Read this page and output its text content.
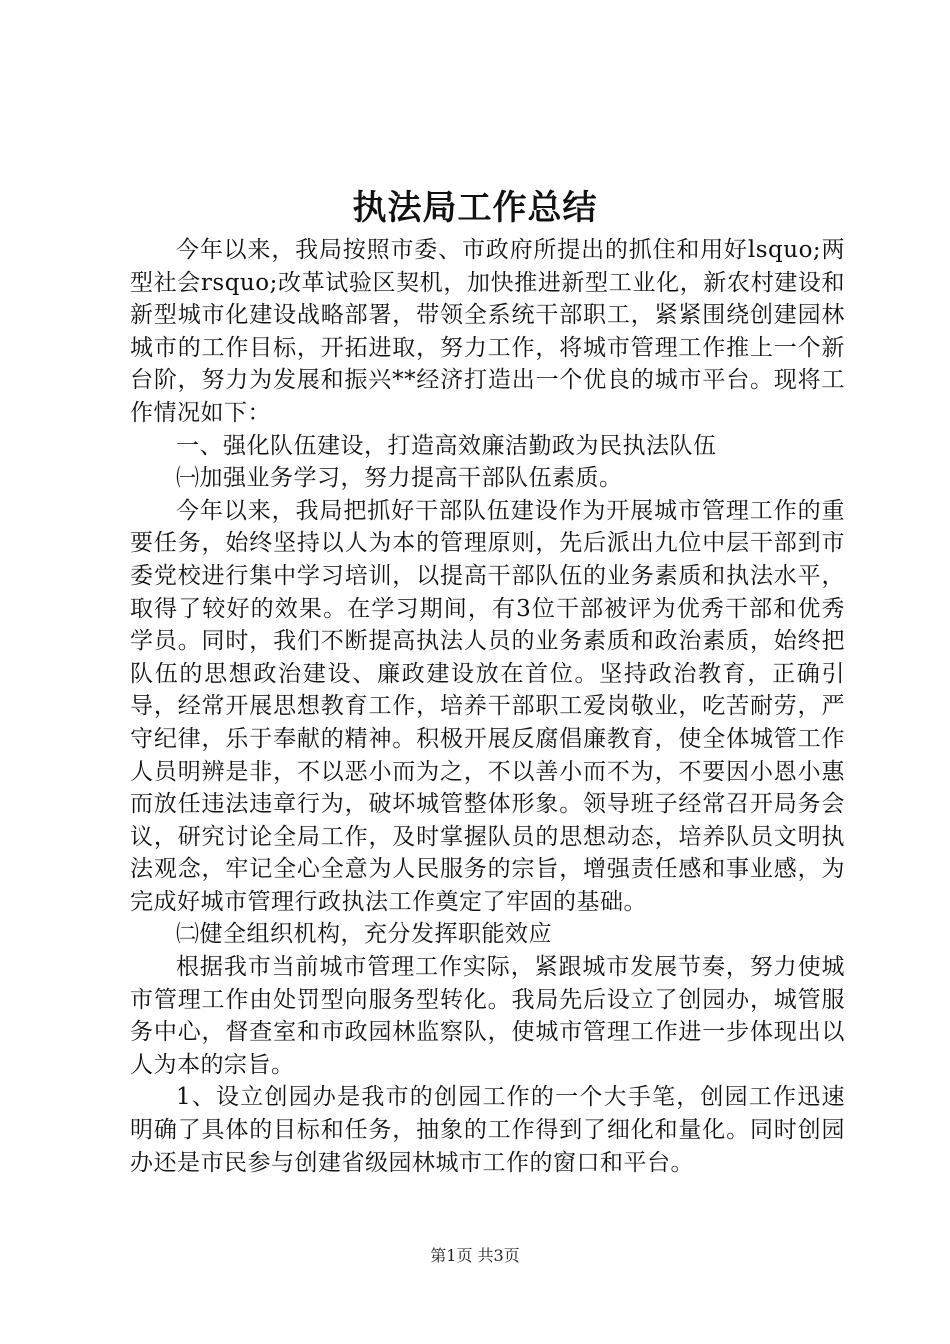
执法局工作总结

今年以来，我局按照市委、市政府所提出的抓住和用好lsquo;两型社会rsquo;改革试验区契机，加快推进新型工业化，新农村建设和新型城市化建设战略部署，带领全系统干部职工，紧紧围绕创建园林城市的工作目标，开拓进取，努力工作，将城市管理工作推上一个新台阶，努力为发展和振兴**经济打造出一个优良的城市平台。现将工作情况如下：

一、强化队伍建设，打造高效廉洁勤政为民执法队伍

㈠加强业务学习，努力提高干部队伍素质。

今年以来，我局把抓好干部队伍建设作为开展城市管理工作的重要任务，始终坚持以人为本的管理原则，先后派出九位中层干部到市委党校进行集中学习培训，以提高干部队伍的业务素质和执法水平，取得了较好的效果。在学习期间，有3位干部被评为优秀干部和优秀学员。同时，我们不断提高执法人员的业务素质和政治素质，始终把队伍的思想政治建设、廉政建设放在首位。坚持政治教育，正确引导，经常开展思想教育工作，培养干部职工爱岗敬业，吃苦耐劳，严守纪律，乐于奉献的精神。积极开展反腐倡廉教育，使全体城管工作人员明辨是非，不以恶小而为之，不以善小而不为，不要因小恩小惠而放任违法违章行为，破坏城管整体形象。领导班子经常召开局务会议，研究讨论全局工作，及时掌握队员的思想动态，培养队员文明执法观念，牢记全心全意为人民服务的宗旨，增强责任感和事业感，为完成好城市管理行政执法工作奠定了牢固的基础。

㈡健全组织机构，充分发挥职能效应

根据我市当前城市管理工作实际，紧跟城市发展节奏，努力使城市管理工作由处罚型向服务型转化。我局先后设立了创园办，城管服务中心，督查室和市政园林监察队，使城市管理工作进一步体现出以人为本的宗旨。

1、设立创园办是我市的创园工作的一个大手笔，创园工作迅速明确了具体的目标和任务，抽象的工作得到了细化和量化。同时创园办还是市民参与创建省级园林城市工作的窗口和平台。

第1页 共3页
